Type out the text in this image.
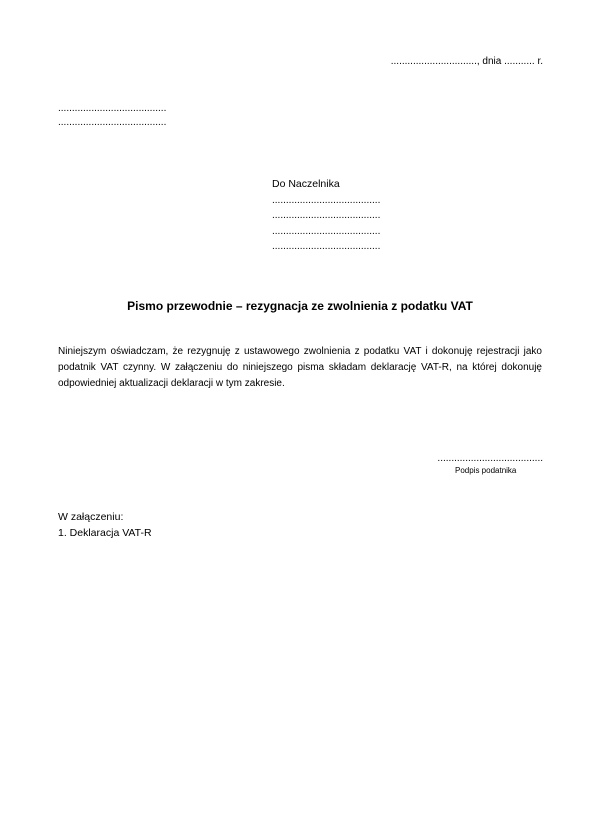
..............................., dnia ........... r.
.......................................
.......................................
Do Naczelnika
.......................................
.......................................
.......................................
.......................................
Pismo przewodnie – rezygnacja ze zwolnienia z podatku VAT
Niniejszym oświadczam, że rezygnuję z ustawowego zwolnienia z podatku VAT i dokonuję rejestracji jako podatnik VAT czynny. W załączeniu do niniejszego pisma składam deklarację VAT-R, na której dokonuję odpowiedniej aktualizacji deklaracji w tym zakresie.
......................................
Podpis podatnika
W załączeniu:
1. Deklaracja VAT-R
